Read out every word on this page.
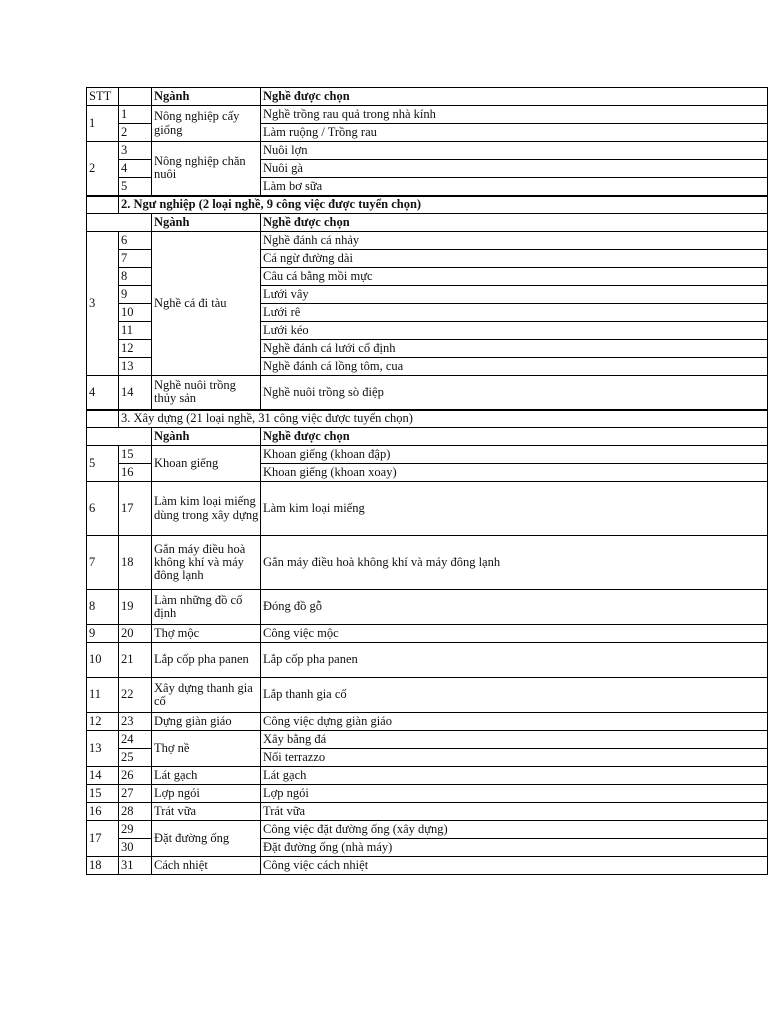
STT		Ngành	Nghề được chọn
1	1	Nông nghiệp cấy giống	Nghề trồng rau quả trong nhà kính
	2		Làm ruộng / Trồng rau
2	3	Nông nghiệp chăn nuôi	Nuôi lợn
	4		Nuôi gà
	5		Làm bơ sữa
	2. Ngư nghiệp (2 loại nghề, 9 công việc được tuyển chọn)		
		Ngành	Nghề được chọn
3	6	Nghề cá đi tàu	Nghề đánh cá nhảy
	7		Cá ngừ đường dài
	8		Câu cá bằng mồi mực
	9		Lưới vây
	10		Lưới rê
	11		Lưới kéo
	12		Nghề đánh cá lưới cố định
	13		Nghề đánh cá lồng tôm, cua
4	14	Nghề nuôi trồng thủy sản	Nghề nuôi trồng sò điệp
	3. Xây dựng (21 loại nghề, 31 công việc được tuyển chọn)		
		Ngành	Nghề được chọn
5	15	Khoan giếng	Khoan giếng (khoan đập)
	16		Khoan giếng (khoan xoay)
6	17	Làm kim loại miếng dùng trong xây dựng	Làm kim loại miếng
7	18	Gắn máy điều hoà không khí và máy đông lạnh	Gắn máy điều hoà không khí và máy đông lạnh
8	19	Làm những đồ cố định	Đóng đồ gỗ
9	20	Thợ mộc	Công việc mộc
10	21	Lắp cốp pha panen	Lắp cốp pha panen
11	22	Xây dựng thanh gia cố	Lắp thanh gia cố
12	23	Dựng giàn giáo	Công việc dựng giàn giáo
13	24	Thợ nề	Xây bằng đá
	25		Nối terrazzo
14	26	Lát gạch	Lát gạch
15	27	Lợp ngói	Lợp ngói
16	28	Trát vữa	Trát vữa
17	29	Đặt đường ống	Công việc đặt đường ống (xây dựng)
	30		Đặt đường ống (nhà máy)
18	31	Cách nhiệt	Công việc cách nhiệt
